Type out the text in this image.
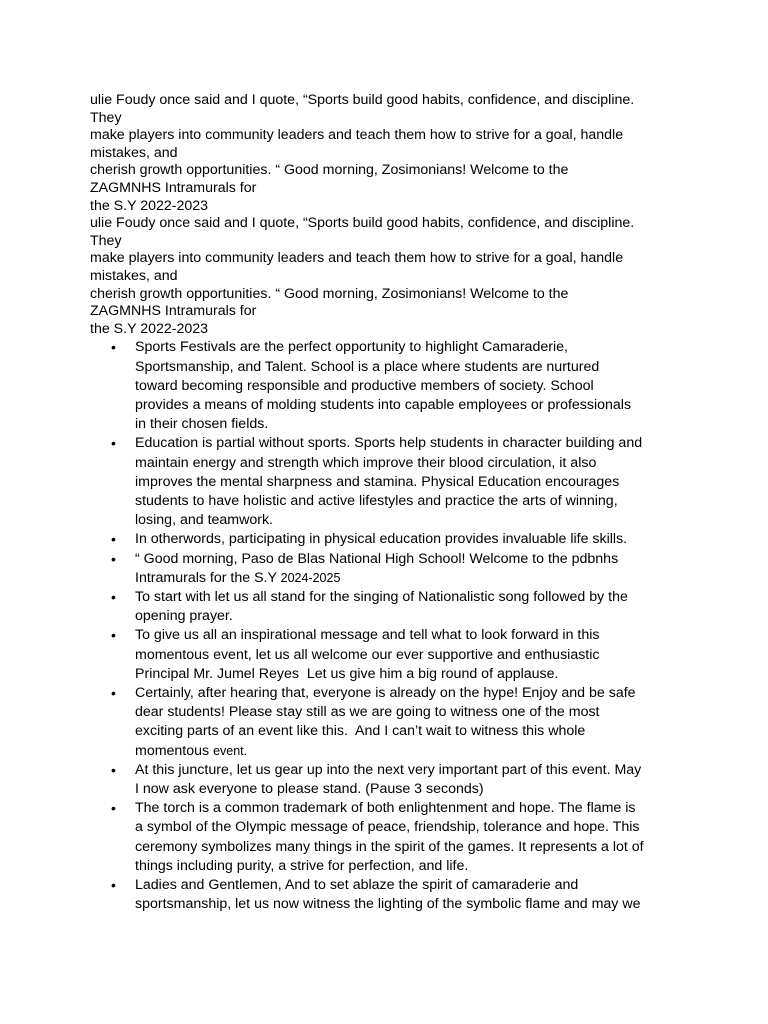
ulie Foudy once said and I quote, “Sports build good habits, confidence, and discipline.
They
make players into community leaders and teach them how to strive for a goal, handle
mistakes, and
cherish growth opportunities. “ Good morning, Zosimonians! Welcome to the
ZAGMNHS Intramurals for
the S.Y 2022-2023
ulie Foudy once said and I quote, “Sports build good habits, confidence, and discipline.
They
make players into community leaders and teach them how to strive for a goal, handle
mistakes, and
cherish growth opportunities. “ Good morning, Zosimonians! Welcome to the
ZAGMNHS Intramurals for
the S.Y 2022-2023
• Sports Festivals are the perfect opportunity to highlight Camaraderie,
Sportsmanship, and Talent. School is a place where students are nurtured
toward becoming responsible and productive members of society. School
provides a means of molding students into capable employees or professionals
in their chosen fields.
• Education is partial without sports. Sports help students in character building and
maintain energy and strength which improve their blood circulation, it also
improves the mental sharpness and stamina. Physical Education encourages
students to have holistic and active lifestyles and practice the arts of winning,
losing, and teamwork.
• In otherwords, participating in physical education provides invaluable life skills.
• “ Good morning, Paso de Blas National High School! Welcome to the pdbnhs
Intramurals for the S.Y 2024-2025
• To start with let us all stand for the singing of Nationalistic song followed by the
opening prayer.
• To give us all an inspirational message and tell what to look forward in this
momentous event, let us all welcome our ever supportive and enthusiastic
Principal Mr. Jumel Reyes  Let us give him a big round of applause.
• Certainly, after hearing that, everyone is already on the hype! Enjoy and be safe
dear students! Please stay still as we are going to witness one of the most
exciting parts of an event like this.  And I can’t wait to witness this whole
momentous event.
• At this juncture, let us gear up into the next very important part of this event. May
I now ask everyone to please stand. (Pause 3 seconds)
• The torch is a common trademark of both enlightenment and hope. The flame is
a symbol of the Olympic message of peace, friendship, tolerance and hope. This
ceremony symbolizes many things in the spirit of the games. It represents a lot of
things including purity, a strive for perfection, and life.
• Ladies and Gentlemen, And to set ablaze the spirit of camaraderie and
sportsmanship, let us now witness the lighting of the symbolic flame and may we
